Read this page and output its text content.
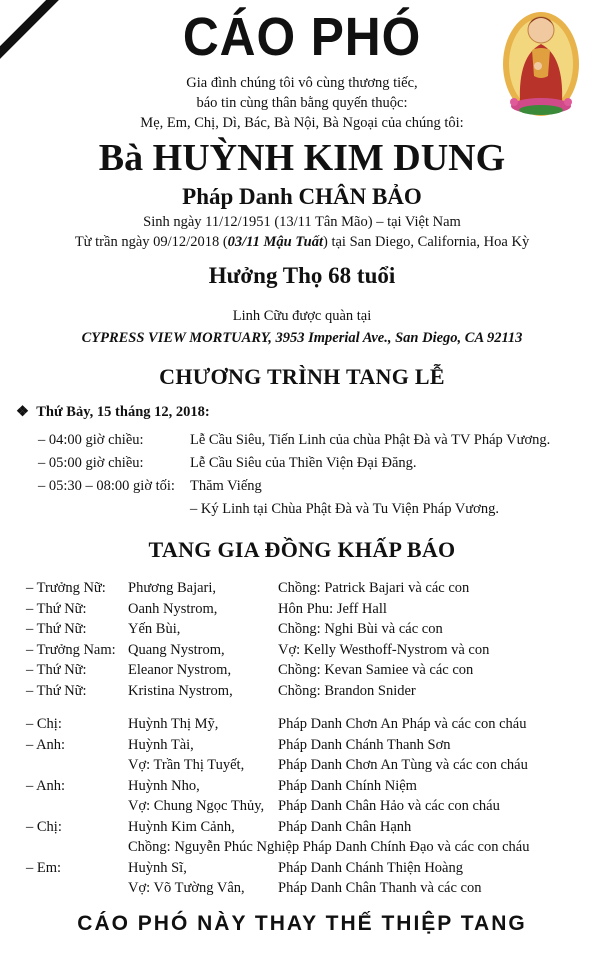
CÁO PHÓ
Gia đình chúng tôi vô cùng thương tiếc,
báo tin cùng thân bằng quyến thuộc:
Mẹ, Em, Chị, Dì, Bác, Bà Nội, Bà Ngoại của chúng tôi:
Bà HUỲNH KIM DUNG
Pháp Danh CHÂN BẢO
Sinh ngày 11/12/1951 (13/11 Tân Mão) – tại Việt Nam
Từ trần ngày 09/12/2018 (03/11 Mậu Tuất) tại San Diego, California, Hoa Kỳ
Hưởng Thọ 68 tuổi
Linh Cữu được quàn tại
CYPRESS VIEW MORTUARY, 3953 Imperial Ave., San Diego, CA 92113
CHƯƠNG TRÌNH TANG LỄ
❖ Thứ Bảy, 15 tháng 12, 2018:
– 04:00 giờ chiều:	Lễ Cầu Siêu, Tiến Linh của chùa Phật Đà và TV Pháp Vương.
– 05:00 giờ chiều:	Lễ Cầu Siêu của Thiền Viện Đại Đăng.
– 05:30 – 08:00 giờ tối: Thăm Viếng
– Ký Linh tại Chùa Phật Đà và Tu Viện Pháp Vương.
TANG GIA ĐỒNG KHẤP BÁO
– Trưởng Nữ: Phương Bajari,	Chồng: Patrick Bajari và các con
– Thứ Nữ:	Oanh Nystrom,	Hôn Phu: Jeff Hall
– Thứ Nữ:	Yến Bùi,	Chồng: Nghi Bùi và các con
– Trưởng Nam: Quang Nystrom,	Vợ: Kelly Westhoff-Nystrom và con
– Thứ Nữ:	Eleanor Nystrom,	Chồng: Kevan Samiee và các con
– Thứ Nữ:	Kristina Nystrom,	Chồng: Brandon Snider
– Chị:	Huỳnh Thị Mỹ,	Pháp Danh Chơn An Pháp và các con cháu
– Anh:	Huỳnh Tài,	Pháp Danh Chánh Thanh Sơn
Vợ: Trần Thị Tuyết, Pháp Danh Chơn An Tùng và các con cháu
– Anh:	Huỳnh Nho,	Pháp Danh Chính Niệm
Vợ: Chung Ngọc Thủy, Pháp Danh Chân Hảo và các con cháu
– Chị:	Huỳnh Kim Cảnh,	Pháp Danh Chân Hạnh
Chồng: Nguyễn Phúc Nghiệp Pháp Danh Chính Đạo và các con cháu
– Em:	Huỳnh Sĩ,	Pháp Danh Chánh Thiện Hoàng
Vợ: Võ Tường Vân, Pháp Danh Chân Thanh và các con
CÁO PHÓ NÀY THAY THẾ THIỆP TANG
